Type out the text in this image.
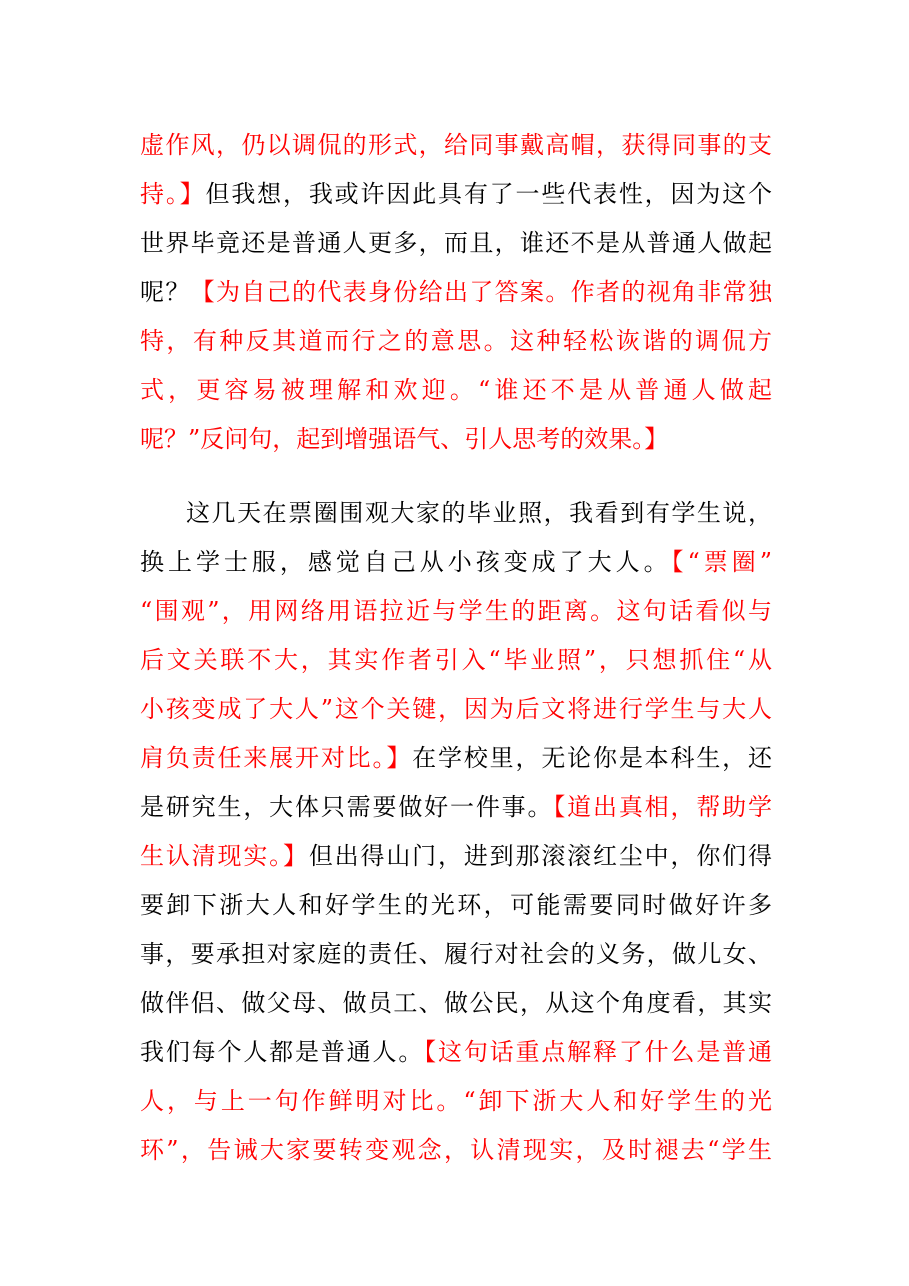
虚作风，仍以调侃的形式，给同事戴高帽，获得同事的支
持。】但我想，我或许因此具有了一些代表性，因为这个
世界毕竟还是普通人更多，而且，谁还不是从普通人做起
呢？【为自己的代表身份给出了答案。作者的视角非常独
特，有种反其道而行之的意思。这种轻松诙谐的调侃方
式，更容易被理解和欢迎。“谁还不是从普通人做起
呢？”反问句，起到增强语气、引人思考的效果。】
这几天在票圈围观大家的毕业照，我看到有学生说，
换上学士服，感觉自己从小孩变成了大人。【“票圈”
“围观”，用网络用语拉近与学生的距离。这句话看似与
后文关联不大，其实作者引入“毕业照”，只想抓住“从
小孩变成了大人”这个关键，因为后文将进行学生与大人
肩负责任来展开对比。】在学校里，无论你是本科生，还
是研究生，大体只需要做好一件事。【道出真相，帮助学
生认清现实。】但出得山门，进到那滚滚红尘中，你们得
要卸下浙大人和好学生的光环，可能需要同时做好许多
事，要承担对家庭的责任、履行对社会的义务，做儿女、
做伴侣、做父母、做员工、做公民，从这个角度看，其实
我们每个人都是普通人。【这句话重点解释了什么是普通
人，与上一句作鲜明对比。“卸下浙大人和好学生的光
环”，告诫大家要转变观念，认清现实，及时褪去“学生
